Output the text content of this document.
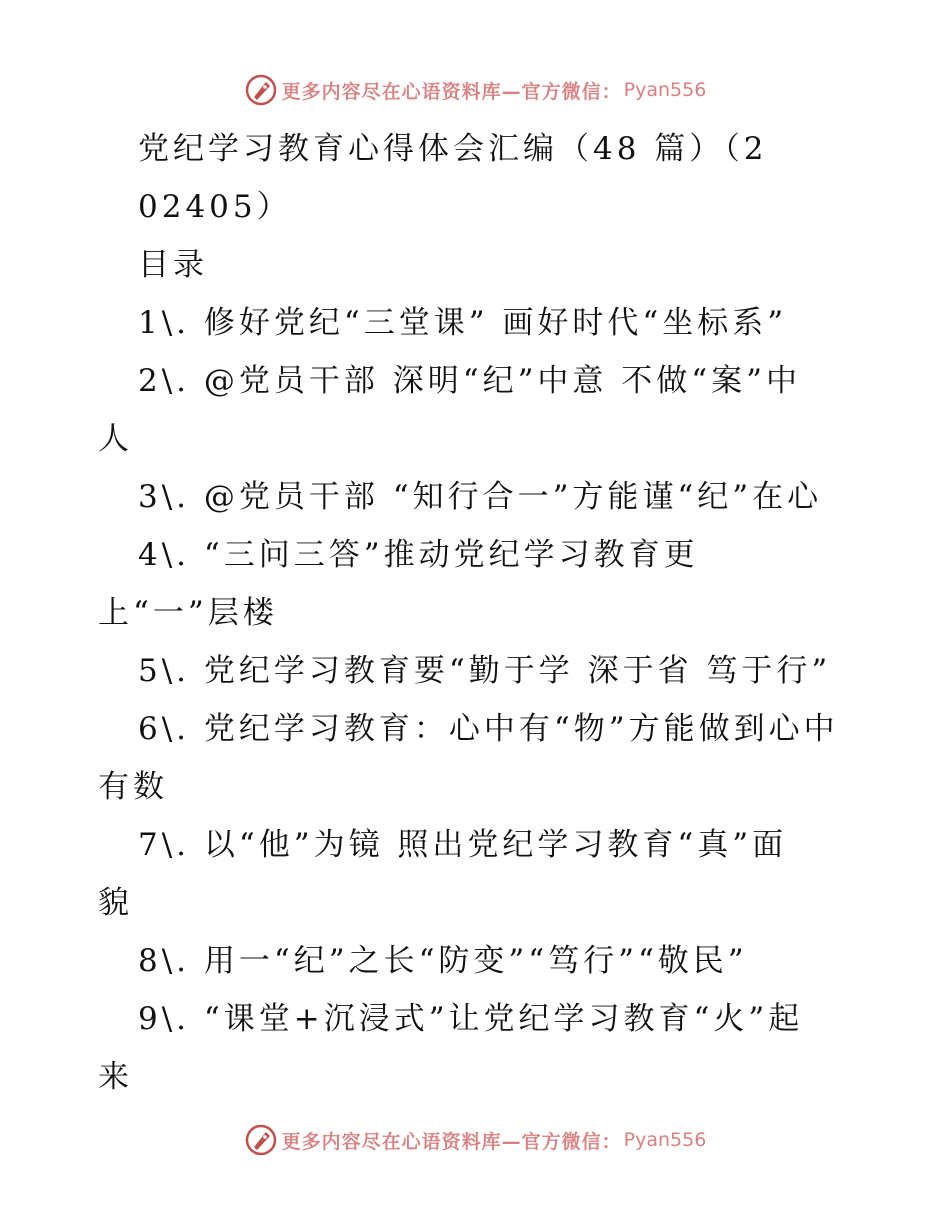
更多内容尽在心语资料库—官方微信： Pyan556
党纪学习教育心得体会汇编（48 篇）（2
02405）
目录
1\. 修好党纪“三堂课” 画好时代“坐标系”
2\. @党员干部 深明“纪”中意 不做“案”中
人
3\. @党员干部 “知行合一”方能谨“纪”在心
4\. “三问三答”推动党纪学习教育更
上“一”层楼
5\. 党纪学习教育要“勤于学 深于省 笃于行”
6\. 党纪学习教育：心中有“物”方能做到心中
有数
7\. 以“他”为镜 照出党纪学习教育“真”面
貌
8\. 用一“纪”之长“防变”“笃行”“敬民”
9\. “课堂+沉浸式”让党纪学习教育“火”起
来
更多内容尽在心语资料库—官方微信： Pyan556
